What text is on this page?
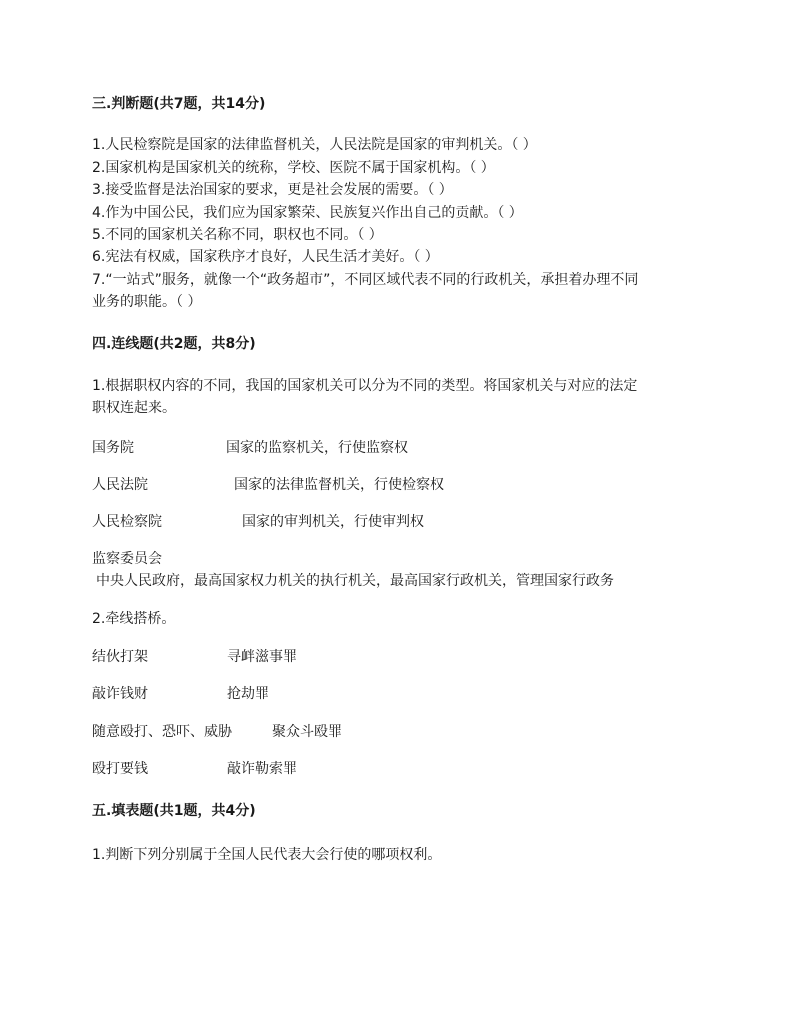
三.判断题(共7题，共14分)
1.人民检察院是国家的法律监督机关，人民法院是国家的审判机关。（ ）
2.国家机构是国家机关的统称，学校、医院不属于国家机构。（ ）
3.接受监督是法治国家的要求，更是社会发展的需要。（ ）
4.作为中国公民，我们应为国家繁荣、民族复兴作出自己的贡献。（ ）
5.不同的国家机关名称不同，职权也不同。（ ）
6.宪法有权威，国家秩序才良好，人民生活才美好。（ ）
7.“一站式”服务，就像一个“政务超市”，不同区域代表不同的行政机关，承担着办理不同
业务的职能。（ ）
四.连线题(共2题，共8分)
1.根据职权内容的不同，我国的国家机关可以分为不同的类型。将国家机关与对应的法定
职权连起来。
国务院	国家的监察机关，行使监察权
人民法院	国家的法律监督机关，行使检察权
人民检察院	国家的审判机关，行使审判权
监察委员会
中央人民政府，最高国家权力机关的执行机关，最高国家行政机关，管理国家行政务
2.牵线搭桥。
结伙打架	寻衅滋事罪
敲诈钱财	抢劫罪
随意殴打、恐吓、威胁	聚众斗殴罪
殴打要钱	敲诈勒索罪
五.填表题(共1题，共4分)
1.判断下列分别属于全国人民代表大会行使的哪项权利。
